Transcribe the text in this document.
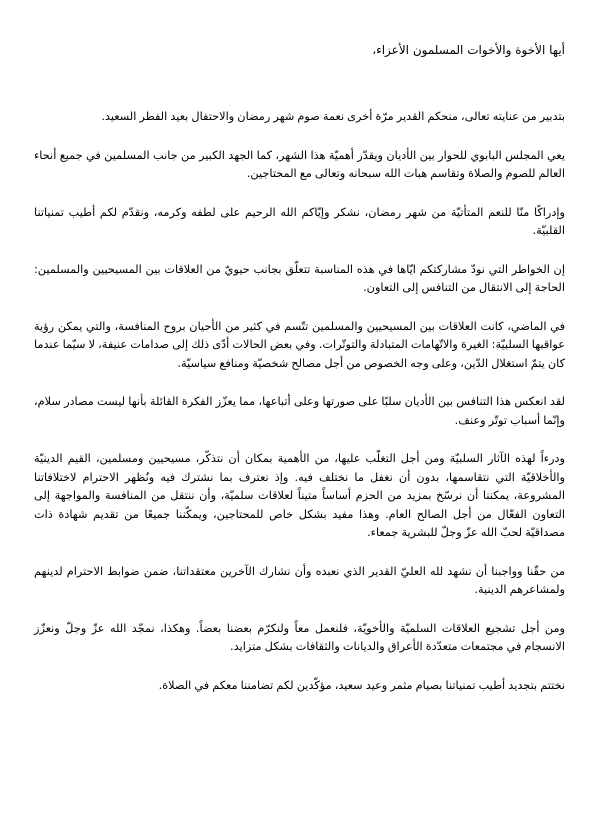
أيها الأخوة والأخوات المسلمون الأعزاء،

بتدبير من عنايته تعالى، منحكم القدير مرّة أخرى نعمة صوم شهر رمضان والاحتفال بعيد الفطر السعيد.

يعي المجلس البابوي للحوار بين الأديان ويقدّر أهميّة هذا الشهر، كما الجهد الكبير من جانب المسلمين في جميع أنحاء العالم للصوم والصلاة وتقاسم هبات الله سبحانه وتعالى مع المحتاجين.

وإدراكًا منّا للنعم المتأتيّة من شهر رمضان، نشكر وإيّاكم الله الرحيم على لطفه وكرمه، ونقدّم لكم أطيب تمنياتنا القلبيّة.

إن الخواطر التي نودّ مشاركتكم ايّاها في هذه المناسبة تتعلّق بجانب حيويّ من العلاقات بين المسيحيين والمسلمين: الحاجة إلى الانتقال من التنافس إلى التعاون.

في الماضي، كانت العلاقات بين المسيحيين والمسلمين تتّسم في كثير من الأحيان بروح المنافسة، والتي يمكن رؤية عواقبها السلبيّة: الغيرة والاتّهامات المتبادلة والتوتّرات. وفي بعض الحالات أدّى ذلك إلى صدامات عنيفة، لا سيّما عندما كان يتمّ استغلال الدّين، وعلى وجه الخصوص من أجل مصالح شخصيّة ومنافع سياسيّة.

لقد انعكس هذا التنافس بين الأديان سلبًا على صورتها وعلى أتباعها، مما يعزّز الفكرة القائلة بأنها ليست مصادر سلام، وإنّما أسباب توتّر وعنف.

ودرءاً لهذه الآثار السلبيّة ومن أجل التغلّب عليها، من الأهمية بمكان أن نتذكّر، مسيحيين ومسلمين، القيم الدينيّة والأخلاقيّة التي نتقاسمها، بدون أن نغفل ما نختلف فيه. وإذ نعترف بما نشترك فيه ونُظهر الاحترام لاختلافاتنا المشروعة، يمكننا أن نرسّخ بمزيد من الحزم أساساً متيناً لعلاقات سلميّة، وأن ننتقل من المنافسة والمواجهة إلى التعاون الفعّال من أجل الصالح العام. وهذا مفيد بشكل خاص للمحتاجين، ويمكّننا جميعًا من تقديم شهادة ذات مصداقيّة لحبّ الله عزّ وجلّ للبشرية جمعاء.

من حقّنا وواجبنا أن نشهد لله العليّ القدير الذي نعبده وأن نشارك الآخرين معتقداتنا، ضمن ضوابط الاحترام لدينهم ولمشاعرهم الدينية.

ومن أجل تشجيع العلاقات السلميّة والأخويّة، فلنعمل معاً ولنكرّم بعضنا بعضاً. وهكذا، نمجّد الله عزّ وجلّ ونعزّز الانسجام في مجتمعات متعدّدة الأعراق والديانات والثقافات بشكل متزايد.

نختتم بتجديد أطيب تمنياتنا بصيام مثمر وعيد سعيد، مؤكّدين لكم تضامننا معكم في الصلاة.
